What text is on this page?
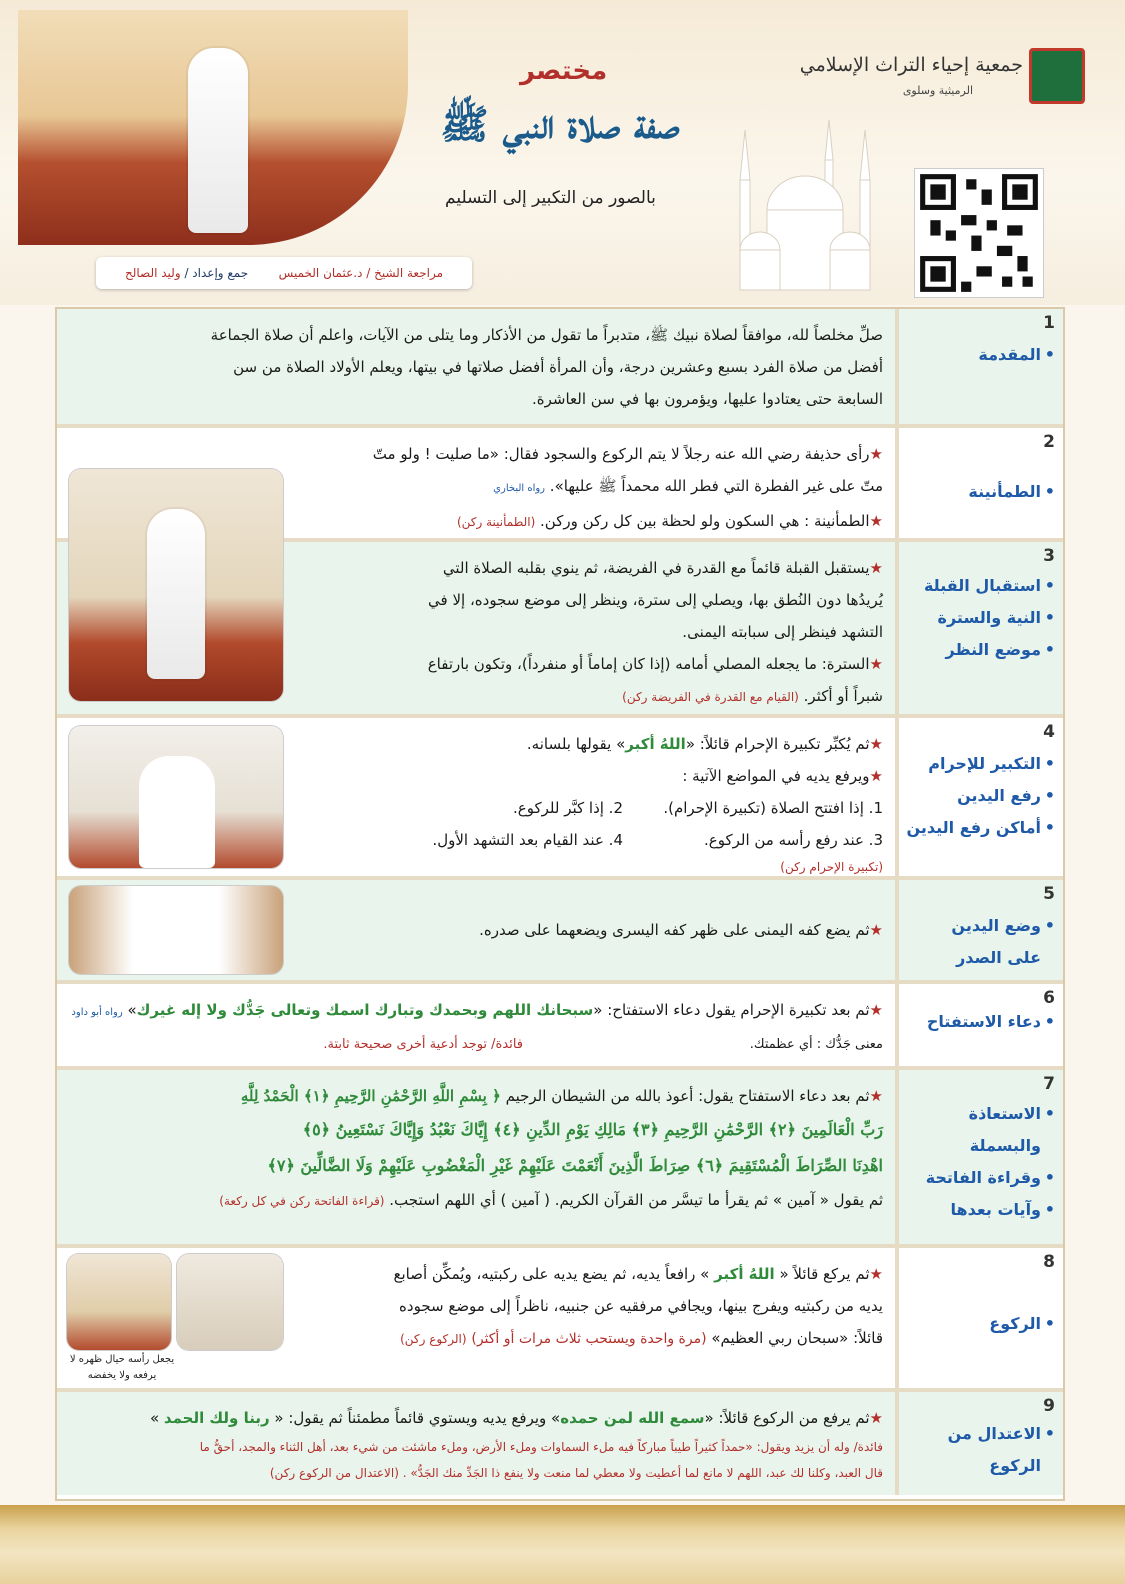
جمعية إحياء التراث الإسلامي
الرميثية وسلوى
مختصر
صفة صلاة النبي ﷺ
بالصور من التكبير إلى التسليم
مراجعة الشيخ / د.عثمان الخميس        جمع وإعداد / وليد الصالح
1
• المقدمة

صلِّ مخلصاً لله، موافقاً لصلاة نبيك ﷺ، متدبراً ما تقول من الأذكار وما يتلى من الآيات، واعلم أن صلاة الجماعة

أفضل من صلاة الفرد بسبع وعشرين درجة، وأن المرأة أفضل صلاتها في بيتها، ويعلم الأولاد الصلاة من سن

السابعة حتى يعتادوا عليها، ويؤمرون بها في سن العاشرة.

2
• الطمأنينة

★رأى حذيفة رضي الله عنه رجلاً لا يتم الركوع والسجود فقال: «ما صليت ! ولو متّ

متّ على غير الفطرة التي فطر الله محمداً ﷺ عليها». رواه البخاري

★الطمأنينة : هي السكون ولو لحظة بين كل ركن وركن. (الطمأنينة ركن)

3
• استقبال القبلة
• النية والسترة
• موضع النظر

★يستقبل القبلة قائماً مع القدرة في الفريضة، ثم ينوي بقلبه الصلاة التي

يُريدُها دون النُطق بها، ويصلي إلى سترة، وينظر إلى موضع سجوده، إلا في

التشهد فينظر إلى سبابته اليمنى.

★السترة: ما يجعله المصلي أمامه (إذا كان إماماً أو منفرداً)، وتكون بارتفاع

شبراً أو أكثر. (القيام مع القدرة في الفريضة ركن)

4
• التكبير للإحرام
• رفع اليدين
• أماكن رفع اليدين

★ثم يُكبِّر تكبيرة الإحرام قائلاً: «اللهُ أكبر» يقولها بلسانه.

★ويرفع يديه في المواضع الآتية :

1. إذا افتتح الصلاة (تكبيرة الإحرام).2. إذا كبَّر للركوع.

3. عند رفع رأسه من الركوع.4. عند القيام بعد التشهد الأول.

(تكبيرة الإحرام ركن)

5
• وضع اليدين على الصدر

★ثم يضع كفه اليمنى على ظهر كفه اليسرى ويضعهما على صدره.

6
• دعاء الاستفتاح

★ثم بعد تكبيرة الإحرام يقول دعاء الاستفتاح: «سبحانك اللهم وبحمدك وتبارك اسمك وتعالى جَدُّك ولا إله غيرك» رواه أبو داود

معنى جَدُّك : أي عظمتك.فائدة/ توجد أدعية أخرى صحيحة ثابتة.

7
• الاستعاذة والبسملة
• وقراءة الفاتحة
• وآيات بعدها

★ثم بعد دعاء الاستفتاح يقول: أعوذ بالله من الشيطان الرجيم ﴿ بِسْمِ اللَّهِ الرَّحْمَٰنِ الرَّحِيمِ ﴿١﴾ الْحَمْدُ لِلَّهِ

رَبِّ الْعَالَمِينَ ﴿٢﴾ الرَّحْمَٰنِ الرَّحِيمِ ﴿٣﴾ مَالِكِ يَوْمِ الدِّينِ ﴿٤﴾ إِيَّاكَ نَعْبُدُ وَإِيَّاكَ نَسْتَعِينُ ﴿٥﴾

اهْدِنَا الصِّرَاطَ الْمُسْتَقِيمَ ﴿٦﴾ صِرَاطَ الَّذِينَ أَنْعَمْتَ عَلَيْهِمْ غَيْرِ الْمَغْضُوبِ عَلَيْهِمْ وَلَا الضَّالِّينَ ﴿٧﴾

ثم يقول « آمين » ثم يقرأ ما تيسَّر من القرآن الكريم. ( آمين ) أي اللهم استجب. (قراءة الفاتحة ركن في كل ركعة)

8
• الركوع

★ثم يركع قائلاً « اللهُ أكبر » رافعاً يديه، ثم يضع يديه على ركبتيه، ويُمكِّن أصابع

يديه من ركبتيه ويفرج بينها، ويجافي مرفقيه عن جنبيه، ناظراً إلى موضع سجوده

قائلاً: «سبحان ربي العظيم» (مرة واحدة ويستحب ثلاث مرات أو أكثر) (الركوع ركن)

يجعل رأسه حيال ظهره لا يرفعه ولا يخفضه
9
• الاعتدال من الركوع

★ثم يرفع من الركوع قائلاً: «سمع الله لمن حمده» ويرفع يديه ويستوي قائماً مطمئناً ثم يقول: « ربنا ولك الحمد »

فائدة/ وله أن يزيد ويقول: «حمداً كثيراً طيباً مباركاً فيه ملء السماوات وملء الأرض، وملء ماشئت من شيء بعد، أهل الثناء والمجد، أحقُّ ما

قال العبد، وكلنا لك عبد، اللهم لا مانع لما أعطيت ولا معطي لما منعت ولا ينفع ذا الجَدِّ منك الجَدُّ» . (الاعتدال من الركوع ركن)
